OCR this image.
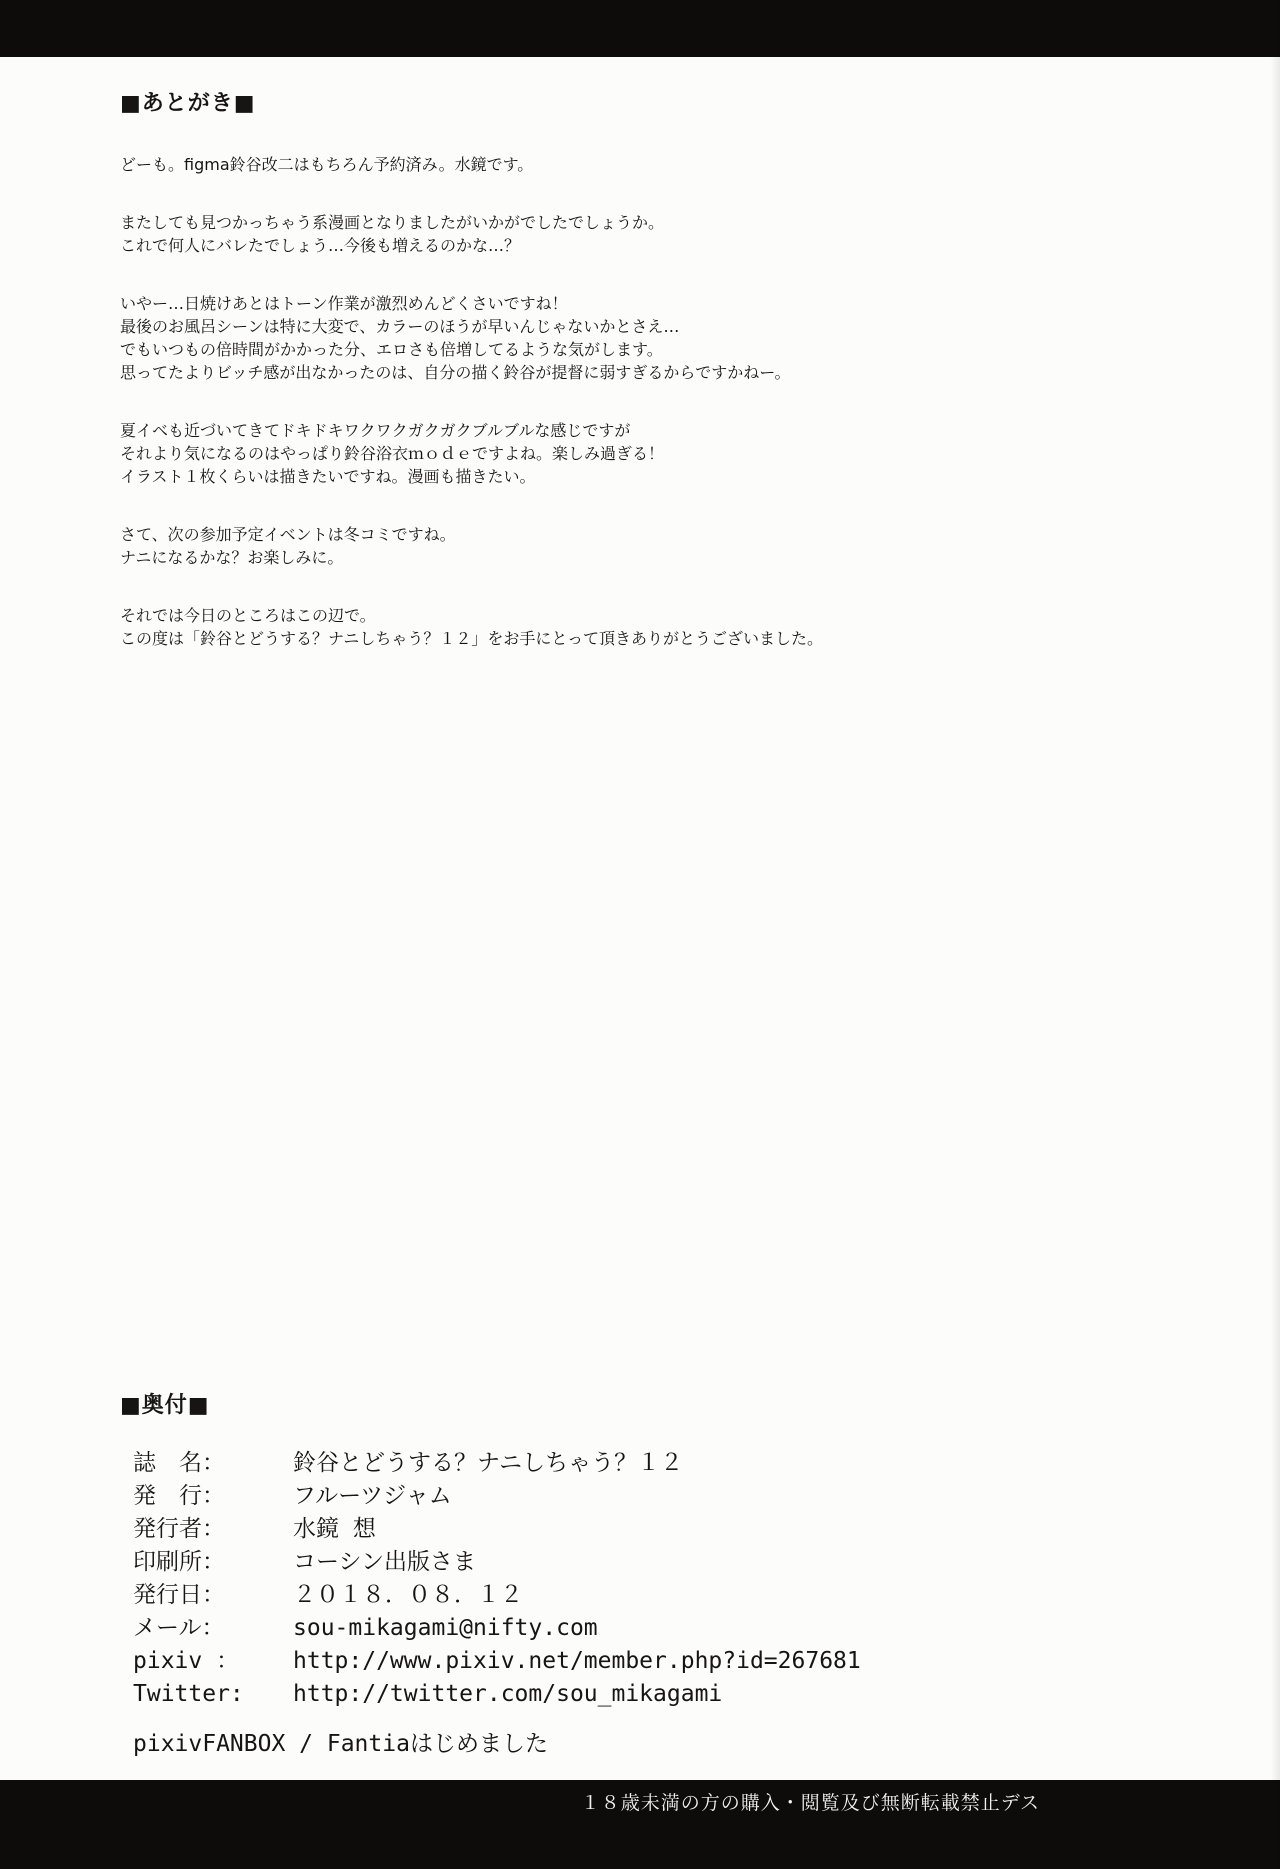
■あとがき■

どーも。figma鈴谷改二はもちろん予約済み。水鏡です。

またしても見つかっちゃう系漫画となりましたがいかがでしたでしょうか。
これで何人にバレたでしょう…今後も増えるのかな…？

いやー…日焼けあとはトーン作業が激烈めんどくさいですね！
最後のお風呂シーンは特に大変で、カラーのほうが早いんじゃないかとさえ…
でもいつもの倍時間がかかった分、エロさも倍増してるような気がします。
思ってたよりビッチ感が出なかったのは、自分の描く鈴谷が提督に弱すぎるからですかねー。

夏イベも近づいてきてドキドキワクワクガクガクブルブルな感じですが
それより気になるのはやっぱり鈴谷浴衣ｍｏｄｅですよね。楽しみ過ぎる！
イラスト１枚くらいは描きたいですね。漫画も描きたい。

さて、次の参加予定イベントは冬コミですね。
ナニになるかな？お楽しみに。

それでは今日のところはこの辺で。
この度は「鈴谷とどうする？ナニしちゃう？１２」をお手にとって頂きありがとうございました。

■奥付■
誌　名：	鈴谷とどうする？ナニしちゃう？１２
発　行：	フルーツジャム
発行者：	水鏡 想
印刷所：	コーシン出版さま
発行日：	２０１８．０８．１２
メール：	sou-mikagami@nifty.com
pixiv ：	http://www.pixiv.net/member.php?id=267681
Twitter:	http://twitter.com/sou_mikagami
pixivFANBOX / Fantiaはじめました
１８歳未満の方の購入・閲覧及び無断転載禁止デス
